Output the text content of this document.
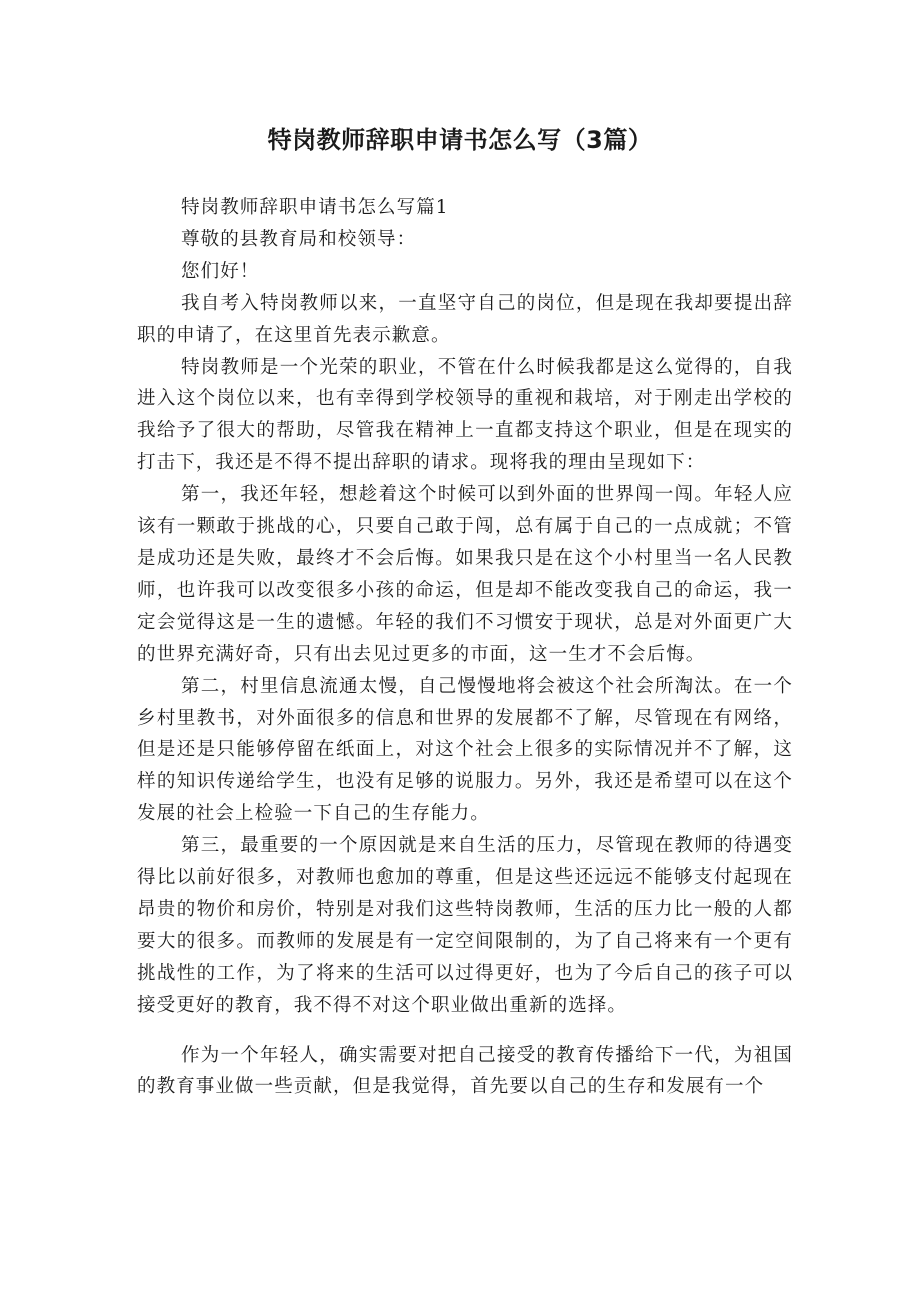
特岗教师辞职申请书怎么写（3篇）

特岗教师辞职申请书怎么写篇1

尊敬的县教育局和校领导：

您们好！

我自考入特岗教师以来，一直坚守自己的岗位，但是现在我却要提出辞职的申请了，在这里首先表示歉意。

特岗教师是一个光荣的职业，不管在什么时候我都是这么觉得的，自我进入这个岗位以来，也有幸得到学校领导的重视和栽培，对于刚走出学校的我给予了很大的帮助，尽管我在精神上一直都支持这个职业，但是在现实的打击下，我还是不得不提出辞职的请求。现将我的理由呈现如下：

第一，我还年轻，想趁着这个时候可以到外面的世界闯一闯。年轻人应该有一颗敢于挑战的心，只要自己敢于闯，总有属于自己的一点成就；不管是成功还是失败，最终才不会后悔。如果我只是在这个小村里当一名人民教师，也许我可以改变很多小孩的命运，但是却不能改变我自己的命运，我一定会觉得这是一生的遗憾。年轻的我们不习惯安于现状，总是对外面更广大的世界充满好奇，只有出去见过更多的市面，这一生才不会后悔。

第二，村里信息流通太慢，自己慢慢地将会被这个社会所淘汰。在一个乡村里教书，对外面很多的信息和世界的发展都不了解，尽管现在有网络，但是还是只能够停留在纸面上，对这个社会上很多的实际情况并不了解，这样的知识传递给学生，也没有足够的说服力。另外，我还是希望可以在这个发展的社会上检验一下自己的生存能力。

第三，最重要的一个原因就是来自生活的压力，尽管现在教师的待遇变得比以前好很多，对教师也愈加的尊重，但是这些还远远不能够支付起现在昂贵的物价和房价，特别是对我们这些特岗教师，生活的压力比一般的人都要大的很多。而教师的发展是有一定空间限制的，为了自己将来有一个更有挑战性的工作，为了将来的生活可以过得更好，也为了今后自己的孩子可以接受更好的教育，我不得不对这个职业做出重新的选择。

作为一个年轻人，确实需要对把自己接受的教育传播给下一代，为祖国的教育事业做一些贡献，但是我觉得，首先要以自己的生存和发展有一个
